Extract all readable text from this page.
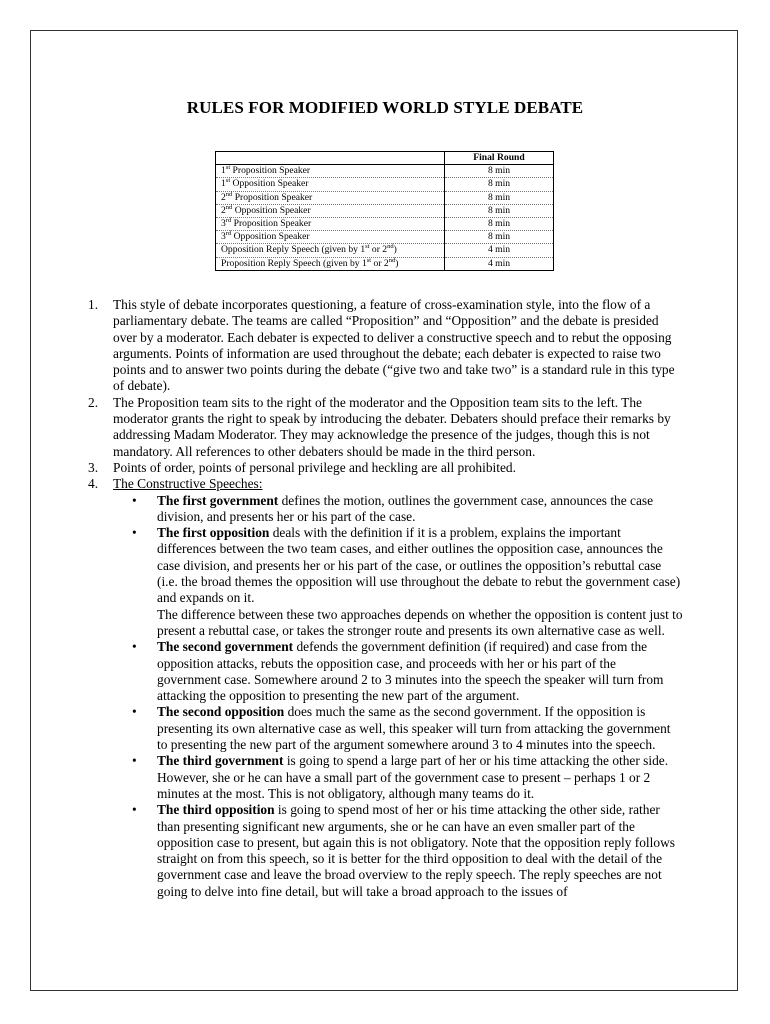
RULES FOR MODIFIED WORLD STYLE DEBATE
	Final Round
1st Proposition Speaker	8 min
1st Opposition Speaker	8 min
2nd Proposition Speaker	8 min
2nd Opposition Speaker	8 min
3rd Proposition Speaker	8 min
3rd Opposition Speaker	8 min
Opposition Reply Speech (given by 1st or 2nd)	4 min
Proposition Reply Speech (given by 1st or 2nd)	4 min
1. This style of debate incorporates questioning, a feature of cross-examination style, into the flow of a parliamentary debate. The teams are called “Proposition” and “Opposition” and the debate is presided over by a moderator. Each debater is expected to deliver a constructive speech and to rebut the opposing arguments. Points of information are used throughout the debate; each debater is expected to raise two points and to answer two points during the debate (“give two and take two” is a standard rule in this type of debate).
2. The Proposition team sits to the right of the moderator and the Opposition team sits to the left. The moderator grants the right to speak by introducing the debater. Debaters should preface their remarks by addressing Madam Moderator. They may acknowledge the presence of the judges, though this is not mandatory. All references to other debaters should be made in the third person.
3. Points of order, points of personal privilege and heckling are all prohibited.
4. The Constructive Speeches:
•	The first government defines the motion, outlines the government case, announces the case division, and presents her or his part of the case.
•	The first opposition deals with the definition if it is a problem, explains the important differences between the two team cases, and either outlines the opposition case, announces the case division, and presents her or his part of the case, or outlines the opposition’s rebuttal case (i.e. the broad themes the opposition will use throughout the debate to rebut the government case) and expands on it.
The difference between these two approaches depends on whether the opposition is content just to present a rebuttal case, or takes the stronger route and presents its own alternative case as well.
•	The second government defends the government definition (if required) and case from the opposition attacks, rebuts the opposition case, and proceeds with her or his part of the government case. Somewhere around 2 to 3 minutes into the speech the speaker will turn from attacking the opposition to presenting the new part of the argument.
•	The second opposition does much the same as the second government. If the opposition is presenting its own alternative case as well, this speaker will turn from attacking the government to presenting the new part of the argument somewhere around 3 to 4 minutes into the speech.
•	The third government is going to spend a large part of her or his time attacking the other side. However, she or he can have a small part of the government case to present – perhaps 1 or 2 minutes at the most. This is not obligatory, although many teams do it.
•	The third opposition is going to spend most of her or his time attacking the other side, rather than presenting significant new arguments, she or he can have an even smaller part of the opposition case to present, but again this is not obligatory. Note that the opposition reply follows straight on from this speech, so it is better for the third opposition to deal with the detail of the government case and leave the broad overview to the reply speech. The reply speeches are not going to delve into fine detail, but will take a broad approach to the issues of
